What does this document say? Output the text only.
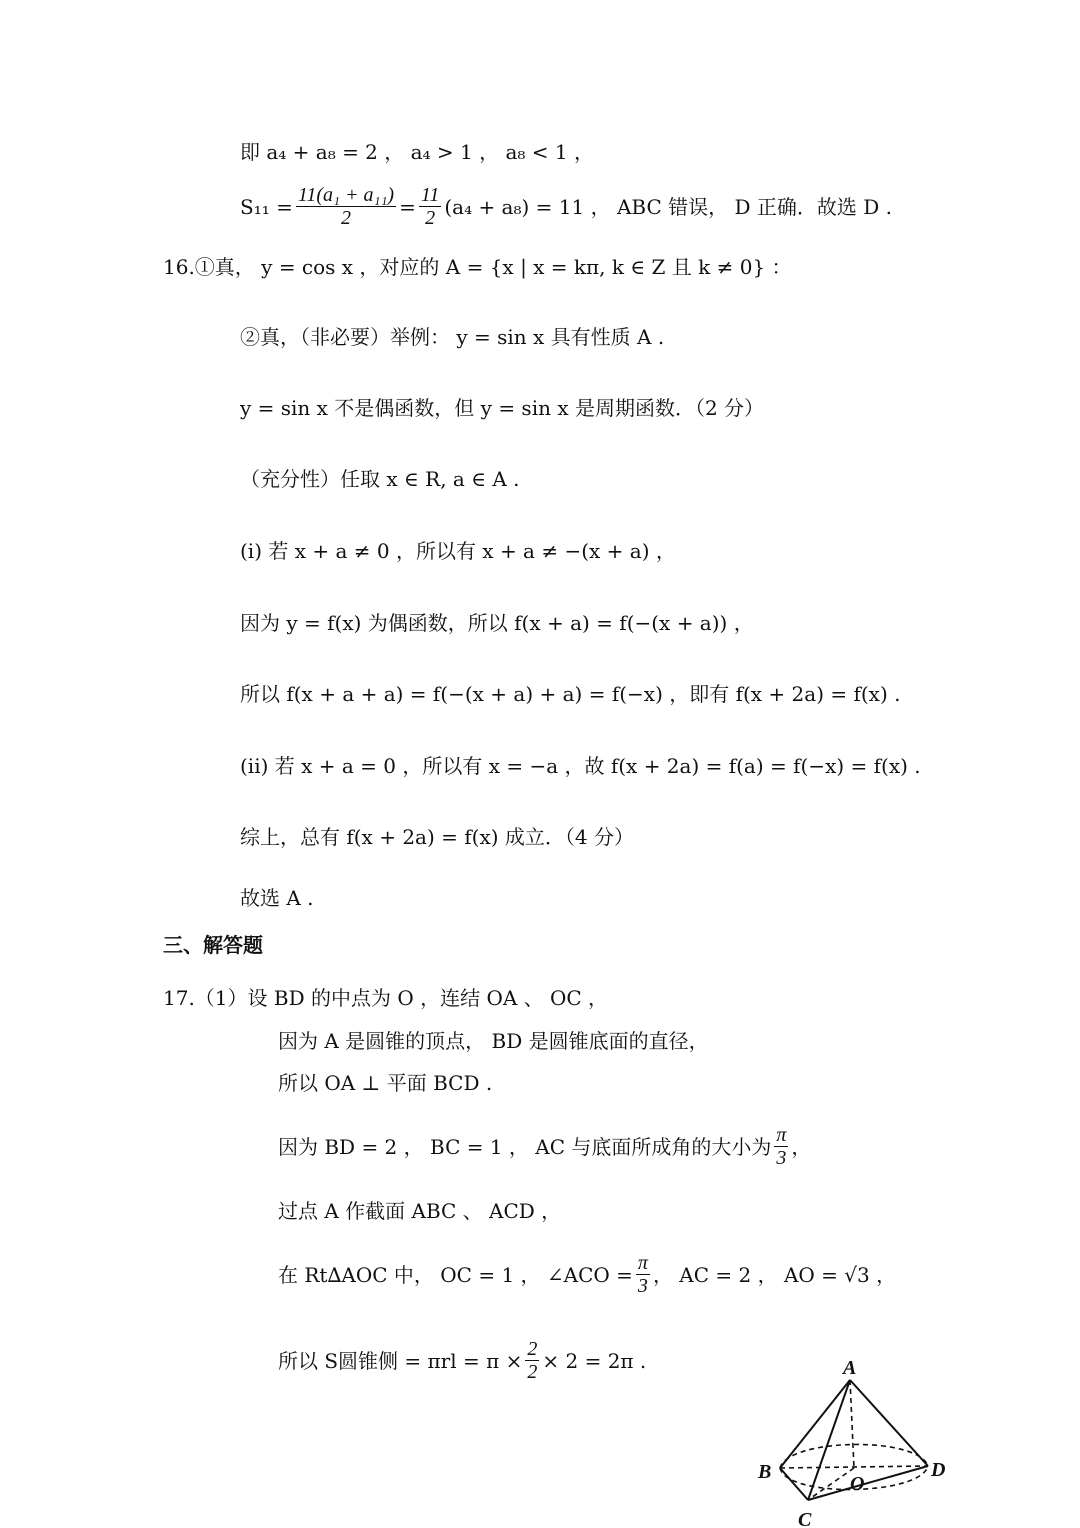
即 a₄ + a₈ = 2 ， a₄ > 1 ， a₈ < 1 ，
$S_{11} = \frac{\text{11(a₁ + a₁₁)}}{2} = \frac{11}{2} (a_4 + a_8) = 11$ ， ABC 错误， D 正确．故选 D .
16.①真， y = cos x ，对应的 A = {x | x = kπ, k ∈ Z 且 k ≠ 0} ：
②真，（非必要）举例： y = sin x 具有性质 A .
y = sin x 不是偶函数，但 y = sin x 是周期函数．（2 分）
（充分性）任取 x ∈ R, a ∈ A .
(i) 若 x + a ≠ 0 ，所以有 x + a ≠ −(x + a) ，
因为 y = f(x) 为偶函数，所以 f(x + a) = f(−(x + a)) ，
所以 f(x + a + a) = f(−(x + a) + a) = f(−x) ，即有 f(x + 2a) = f(x) .
(ii) 若 x + a = 0 ，所以有 x = −a ，故 f(x + 2a) = f(a) = f(−x) = f(x) .
综上，总有 f(x + 2a) = f(x) 成立．（4 分）
故选 A .
三、解答题
17.（1）设 BD 的中点为 O ，连结 OA 、 OC ，
因为 A 是圆锥的顶点， BD 是圆锥底面的直径，
所以 OA ⊥ 平面 BCD .
因为 BD = 2 ， BC = 1 ， AC 与底面所成角的大小为 $\frac{\pi}{3}$ ，
过点 A 作截面 ABC 、 ACD ，
在 Rt∆AOC 中， OC = 1 ， ∠ACO = $\frac{\pi}{3}$ ， AC = 2 ， AO = √3 ，
所以 S圆锥侧 = $\pi rl = \pi \times \frac{2}{2} \times 2 = 2\pi$ .	A
B	D
O
C
